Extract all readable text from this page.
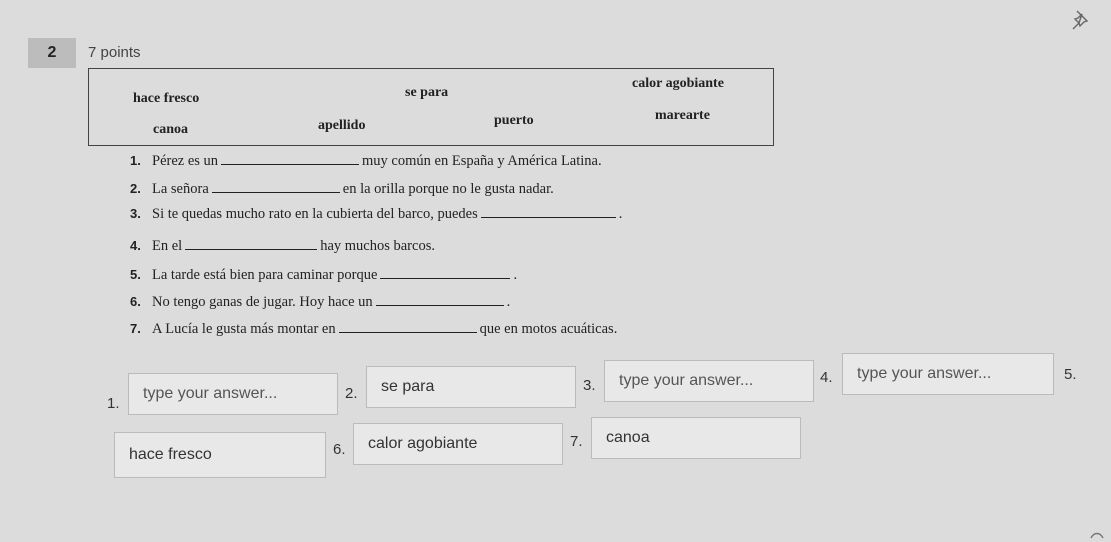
2	7 points
hace fresco	se para
calor agobiante
canoa	apellido	puerto	marearte
1. Pérez es un	muy común en España y América Latina.
2. La señora	en la orilla porque no le gusta nadar.
3. Si te quedas mucho rato en la cubierta del barco, puedes	.
4. En el	hay muchos barcos.
5. La tarde está bien para caminar porque	.
6. No tengo ganas de jugar. Hoy hace un	.
7. A Lucía le gusta más montar en	que en motos acuáticas.
1.
type your answer...	2.	se para	3.	type your answer...	4.	type your answer...	5.
hace fresco	6.	calor agobiante	7.	canoa
